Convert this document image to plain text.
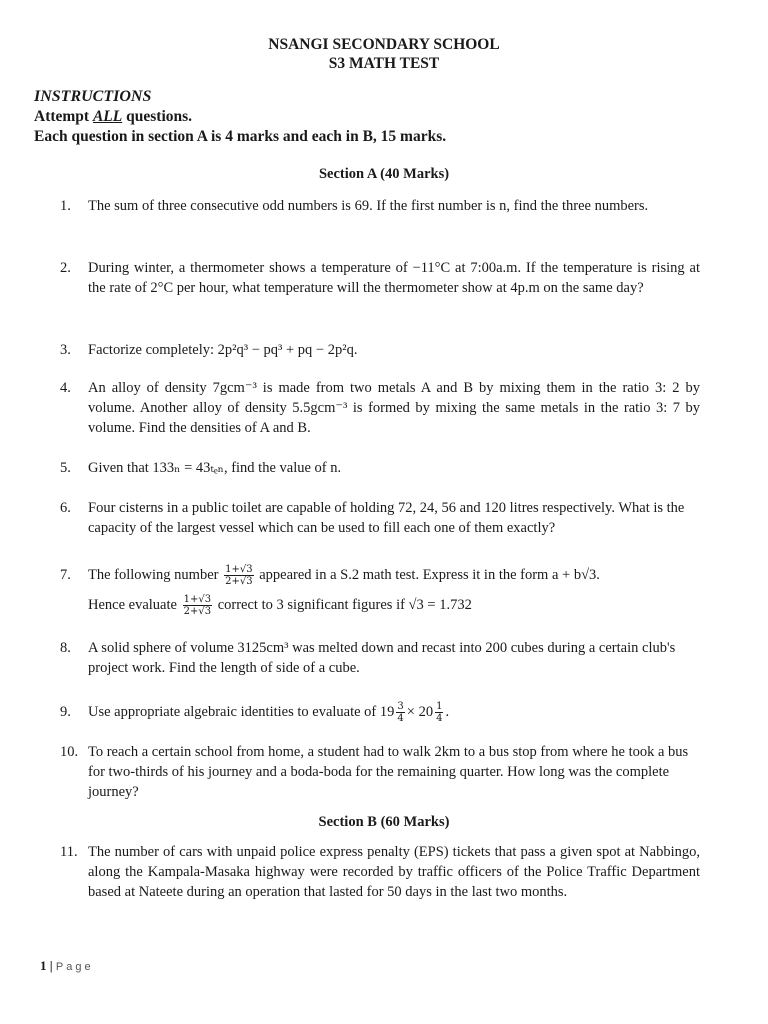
NSANGI SECONDARY SCHOOL
S3 MATH TEST
INSTRUCTIONS
Attempt ALL questions.
Each question in section A is 4 marks and each in B, 15 marks.
Section A (40 Marks)
1.	The sum of three consecutive odd numbers is 69. If the first number is n, find the three numbers.
2.	During winter, a thermometer shows a temperature of −11°C at 7:00a.m. If the temperature is rising at the rate of 2°C per hour, what temperature will the thermometer show at 4p.m on the same day?
3.	Factorize completely: 2p²q³ − pq³ + pq − 2p²q.
4.	An alloy of density 7gcm⁻³ is made from two metals A and B by mixing them in the ratio 3: 2 by volume. Another alloy of density 5.5gcm⁻³ is formed by mixing the same metals in the ratio 3: 7 by volume. Find the densities of A and B.
5.	Given that 133ₙ = 43ₜₑₙ, find the value of n.
6.	Four cisterns in a public toilet are capable of holding 72, 24, 56 and 120 litres respectively. What is the capacity of the largest vessel which can be used to fill each one of them exactly?
7.	The following number $\frac{1+√3}{2+√3}$ appeared in a S.2 math test. Express it in the form a + b√3.
Hence evaluate $\frac{1+√3}{2+√3}$ correct to 3 significant figures if √3 = 1.732
8.	A solid sphere of volume 3125cm³ was melted down and recast into 200 cubes during a certain club's project work. Find the length of side of a cube.
9.	Use appropriate algebraic identities to evaluate of $19 \frac{3}{4} \times 20 \frac{1}{4}$ .
10. To reach a certain school from home, a student had to walk 2km to a bus stop from where he took a bus for two-thirds of his journey and a boda-boda for the remaining quarter. How long was the complete journey?
Section B (60 Marks)
11. The number of cars with unpaid police express penalty (EPS) tickets that pass a given spot at Nabbingo, along the Kampala-Masaka highway were recorded by traffic officers of the Police Traffic Department based at Nateete during an operation that lasted for 50 days in the last two months.
1 | Page
